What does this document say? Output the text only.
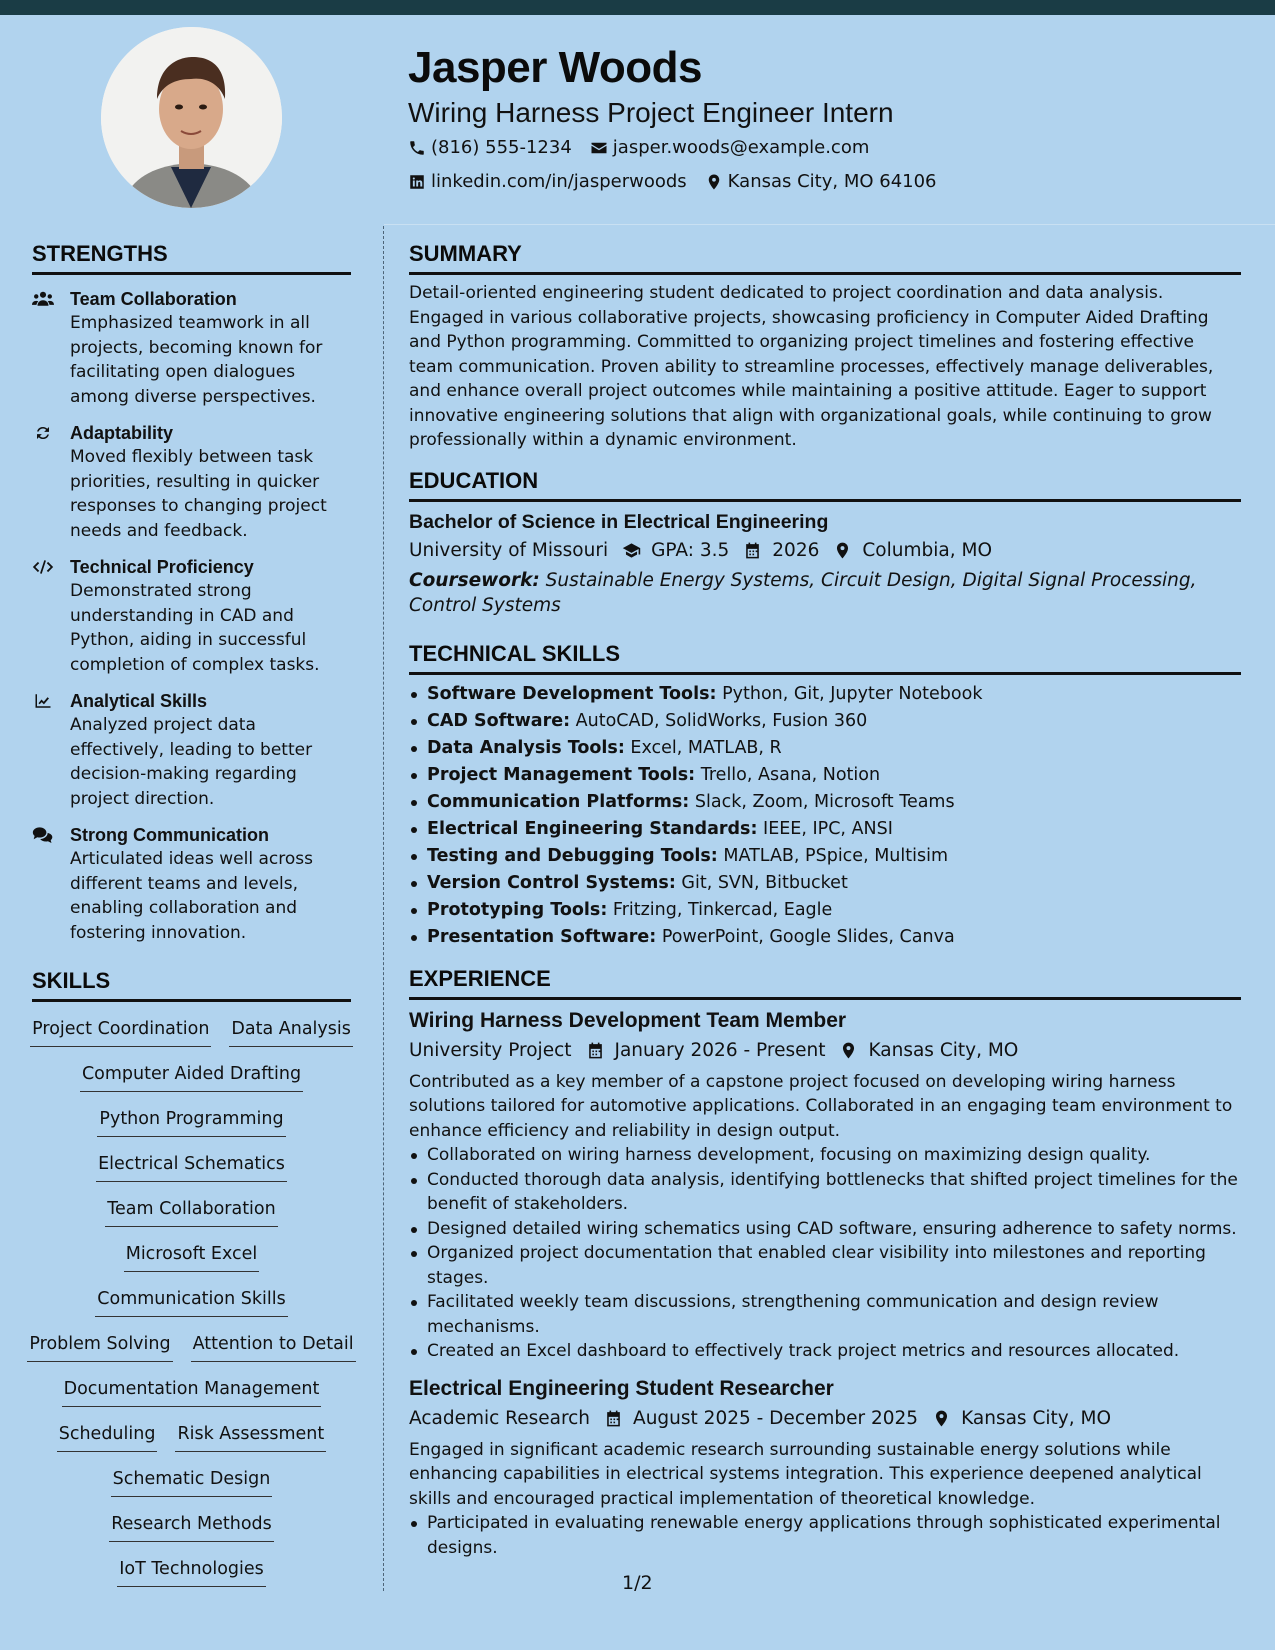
Jasper Woods
Wiring Harness Project Engineer Intern
(816) 555-1234 jasper.woods@example.com
linkedin.com/in/jasperwoods Kansas City, MO 64106
STRENGTHS
Team Collaboration
Emphasized teamwork in all projects, becoming known for facilitating open dialogues among diverse perspectives.
Adaptability
Moved flexibly between task priorities, resulting in quicker responses to changing project needs and feedback.
Technical Proficiency
Demonstrated strong understanding in CAD and Python, aiding in successful completion of complex tasks.
Analytical Skills
Analyzed project data effectively, leading to better decision-making regarding project direction.
Strong Communication
Articulated ideas well across different teams and levels, enabling collaboration and fostering innovation.
SKILLS
Project Coordination Data Analysis
Computer Aided Drafting
Python Programming
Electrical Schematics
Team Collaboration
Microsoft Excel
Communication Skills
Problem Solving Attention to Detail
Documentation Management
Scheduling Risk Assessment
Schematic Design
Research Methods
IoT Technologies
SUMMARY
Detail-oriented engineering student dedicated to project coordination and data analysis. Engaged in various collaborative projects, showcasing proficiency in Computer Aided Drafting and Python programming. Committed to organizing project timelines and fostering effective team communication. Proven ability to streamline processes, effectively manage deliverables, and enhance overall project outcomes while maintaining a positive attitude. Eager to support innovative engineering solutions that align with organizational goals, while continuing to grow professionally within a dynamic environment.
EDUCATION
Bachelor of Science in Electrical Engineering
University of Missouri GPA: 3.5 2026 Columbia, MO
Coursework: Sustainable Energy Systems, Circuit Design, Digital Signal Processing, Control Systems
TECHNICAL SKILLS
Software Development Tools: Python, Git, Jupyter Notebook
CAD Software: AutoCAD, SolidWorks, Fusion 360
Data Analysis Tools: Excel, MATLAB, R
Project Management Tools: Trello, Asana, Notion
Communication Platforms: Slack, Zoom, Microsoft Teams
Electrical Engineering Standards: IEEE, IPC, ANSI
Testing and Debugging Tools: MATLAB, PSpice, Multisim
Version Control Systems: Git, SVN, Bitbucket
Prototyping Tools: Fritzing, Tinkercad, Eagle
Presentation Software: PowerPoint, Google Slides, Canva
EXPERIENCE
Wiring Harness Development Team Member
University Project January 2026 - Present Kansas City, MO
Contributed as a key member of a capstone project focused on developing wiring harness solutions tailored for automotive applications. Collaborated in an engaging team environment to enhance efficiency and reliability in design output.
Collaborated on wiring harness development, focusing on maximizing design quality.
Conducted thorough data analysis, identifying bottlenecks that shifted project timelines for the benefit of stakeholders.
Designed detailed wiring schematics using CAD software, ensuring adherence to safety norms.
Organized project documentation that enabled clear visibility into milestones and reporting stages.
Facilitated weekly team discussions, strengthening communication and design review mechanisms.
Created an Excel dashboard to effectively track project metrics and resources allocated.
Electrical Engineering Student Researcher
Academic Research August 2025 - December 2025 Kansas City, MO
Engaged in significant academic research surrounding sustainable energy solutions while enhancing capabilities in electrical systems integration. This experience deepened analytical skills and encouraged practical implementation of theoretical knowledge.
Participated in evaluating renewable energy applications through sophisticated experimental designs.
1/2
